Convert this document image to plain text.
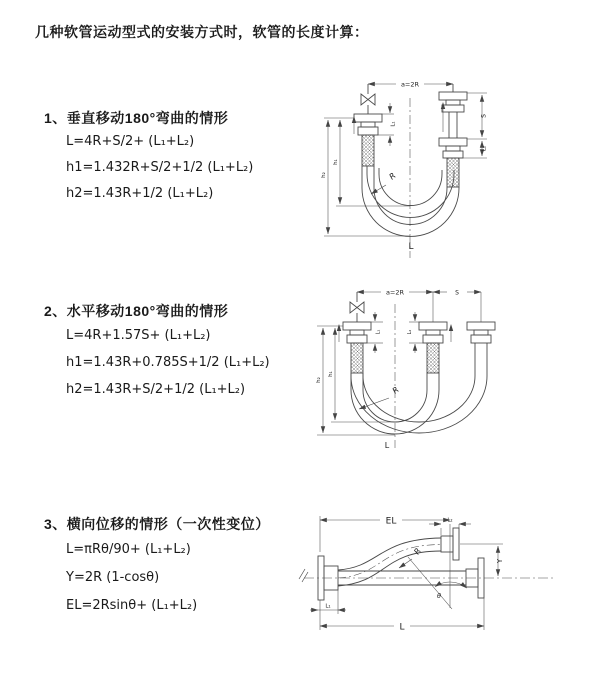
几种软管运动型式的安装方式时，软管的长度计算：
1、垂直移动180°弯曲的情形
L=4R+S/2+ (L₁+L₂)
h1=1.432R+S/2+1/2 (L₁+L₂)
h2=1.43R+1/2 (L₁+L₂)
2、水平移动180°弯曲的情形
L=4R+1.57S+ (L₁+L₂)
h1=1.43R+0.785S+1/2 (L₁+L₂)
h2=1.43R+S/2+1/2 (L₁+L₂)
3、横向位移的情形（一次性变位）
L=πRθ/90+ (L₁+L₂)
Y=2R (1-cosθ)
EL=2Rsinθ+ (L₁+L₂)
a=2R
S
L₂
h₁
h₂
L₁
R
L
a=2R	S
h₁
h₂
L₁	L₂
R
L
θ
EL	L₂
Y
L
L₁
R
